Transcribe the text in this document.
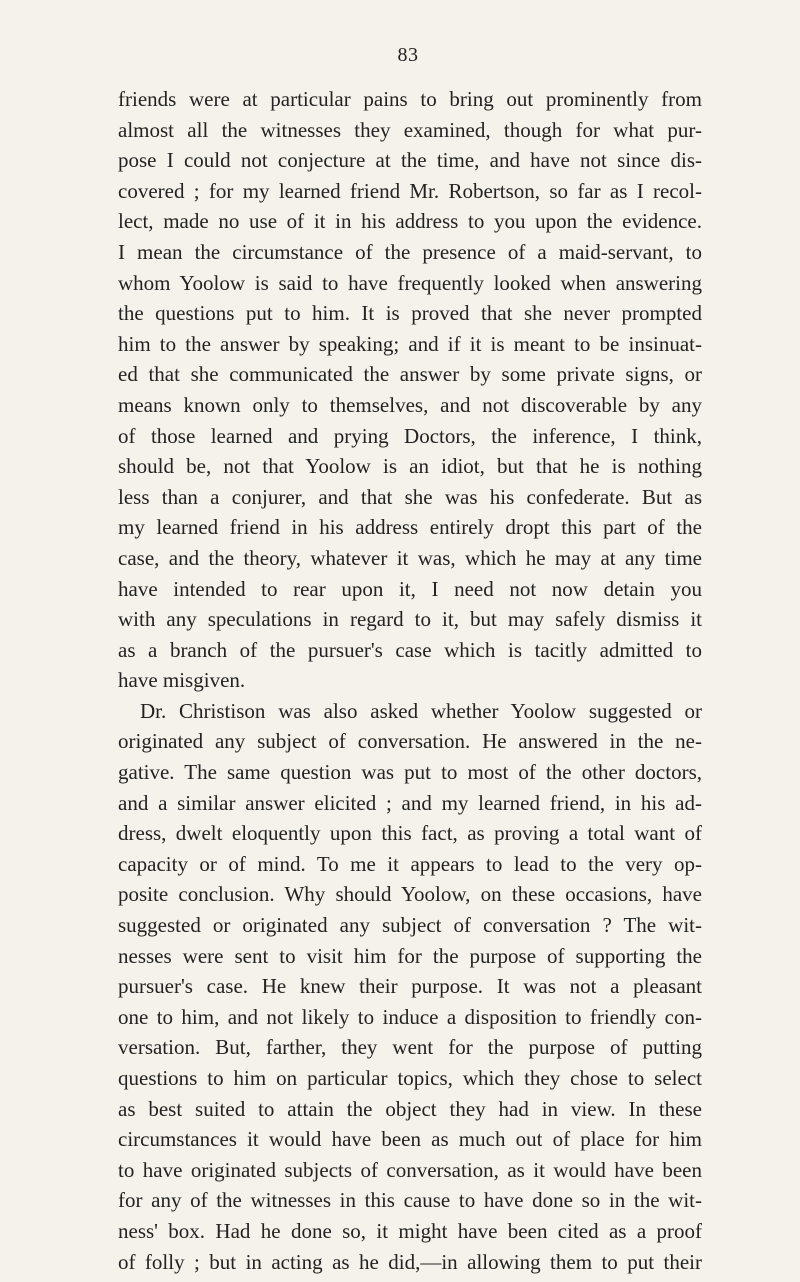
83
friends were at particular pains to bring out prominently from
almost all the witnesses they examined, though for what pur-
pose I could not conjecture at the time, and have not since dis-
covered ; for my learned friend Mr. Robertson, so far as I recol-
lect, made no use of it in his address to you upon the evidence.
I mean the circumstance of the presence of a maid-servant, to
whom Yoolow is said to have frequently looked when answering
the questions put to him. It is proved that she never prompted
him to the answer by speaking; and if it is meant to be insinuat-
ed that she communicated the answer by some private signs, or
means known only to themselves, and not discoverable by any
of those learned and prying Doctors, the inference, I think,
should be, not that Yoolow is an idiot, but that he is nothing
less than a conjurer, and that she was his confederate. But as
my learned friend in his address entirely dropt this part of the
case, and the theory, whatever it was, which he may at any time
have intended to rear upon it, I need not now detain you
with any speculations in regard to it, but may safely dismiss it
as a branch of the pursuer's case which is tacitly admitted to
have misgiven.
Dr. Christison was also asked whether Yoolow suggested or
originated any subject of conversation. He answered in the ne-
gative. The same question was put to most of the other doctors,
and a similar answer elicited ; and my learned friend, in his ad-
dress, dwelt eloquently upon this fact, as proving a total want of
capacity or of mind. To me it appears to lead to the very op-
posite conclusion. Why should Yoolow, on these occasions, have
suggested or originated any subject of conversation ? The wit-
nesses were sent to visit him for the purpose of supporting the
pursuer's case. He knew their purpose. It was not a pleasant
one to him, and not likely to induce a disposition to friendly con-
versation. But, farther, they went for the purpose of putting
questions to him on particular topics, which they chose to select
as best suited to attain the object they had in view. In these
circumstances it would have been as much out of place for him
to have originated subjects of conversation, as it would have been
for any of the witnesses in this cause to have done so in the wit-
ness' box. Had he done so, it might have been cited as a proof
of folly ; but in acting as he did,—in allowing them to put their
